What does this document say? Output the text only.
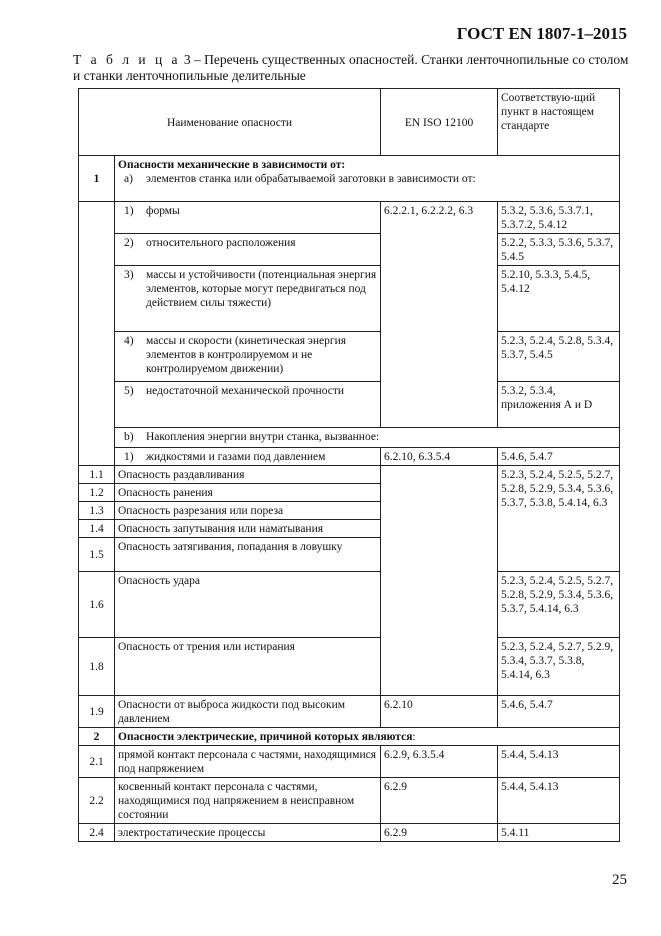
ГОСТ EN 1807-1–2015
Т а б л и ц а 3 – Перечень существенных опасностей. Станки ленточнопильные со столом и станки ленточнопильные делительные
Наименование опасности		EN ISO 12100	Соответствую-щий пункт в настоящем стандарте
1	Опасности механические в зависимости от:
a) элементов станка или обрабатываемой заготовки в зависимости от:		

	1) формы	6.2.2.1, 6.2.2.2, 6.3	5.3.2, 5.3.6, 5.3.7.1, 5.3.7.2, 5.4.12

	2) относительного расположения		5.2.2, 5.3.3, 5.3.6, 5.3.7, 5.4.5

	3) массы и устойчивости (потенциальная энергия элементов, которые могут передвигаться под действием силы тяжести)		5.2.10, 5.3.3, 5.4.5, 5.4.12

	4) массы и скорости (кинетическая энергия элементов в контролируемом и не контролируемом движении)		5.2.3, 5.2.4, 5.2.8, 5.3.4, 5.3.7, 5.4.5

	5) недостаточной механической прочности		5.3.2, 5.3.4, приложения А и D

	b) Накопления энергии внутри станка, вызванное:		

	1) жидкостями и газами под давлением	6.2.10, 6.3.5.4	5.4.6, 5.4.7
1.1	Опасность раздавливания		5.2.3, 5.2.4, 5.2.5, 5.2.7, 5.2.8, 5.2.9, 5.3.4, 5.3.6, 5.3.7, 5.3.8, 5.4.14, 6.3
1.2	Опасность ранения		
1.3	Опасность разрезания или пореза		
1.4	Опасность запутывания или наматывания		
1.5	Опасность затягивания, попадания в ловушку		
1.6	Опасность удара		5.2.3, 5.2.4, 5.2.5, 5.2.7, 5.2.8, 5.2.9, 5.3.4, 5.3.6, 5.3.7, 5.4.14, 6.3
1.8	Опасность от трения или истирания		5.2.3, 5.2.4, 5.2.7, 5.2.9, 5.3.4, 5.3.7, 5.3.8, 5.4.14, 6.3
1.9	Опасности от выброса жидкости под высоким давлением	6.2.10	5.4.6, 5.4.7
2	Опасности электрические, причиной которых являются:		
2.1	прямой контакт персонала с частями, находящимися под напряжением	6.2.9, 6.3.5.4	5.4.4, 5.4.13
2.2	косвенный контакт персонала с частями, находящимися под напряжением в неисправном состоянии	6.2.9	5.4.4, 5.4.13
2.4	электростатические процессы	6.2.9	5.4.11
25
